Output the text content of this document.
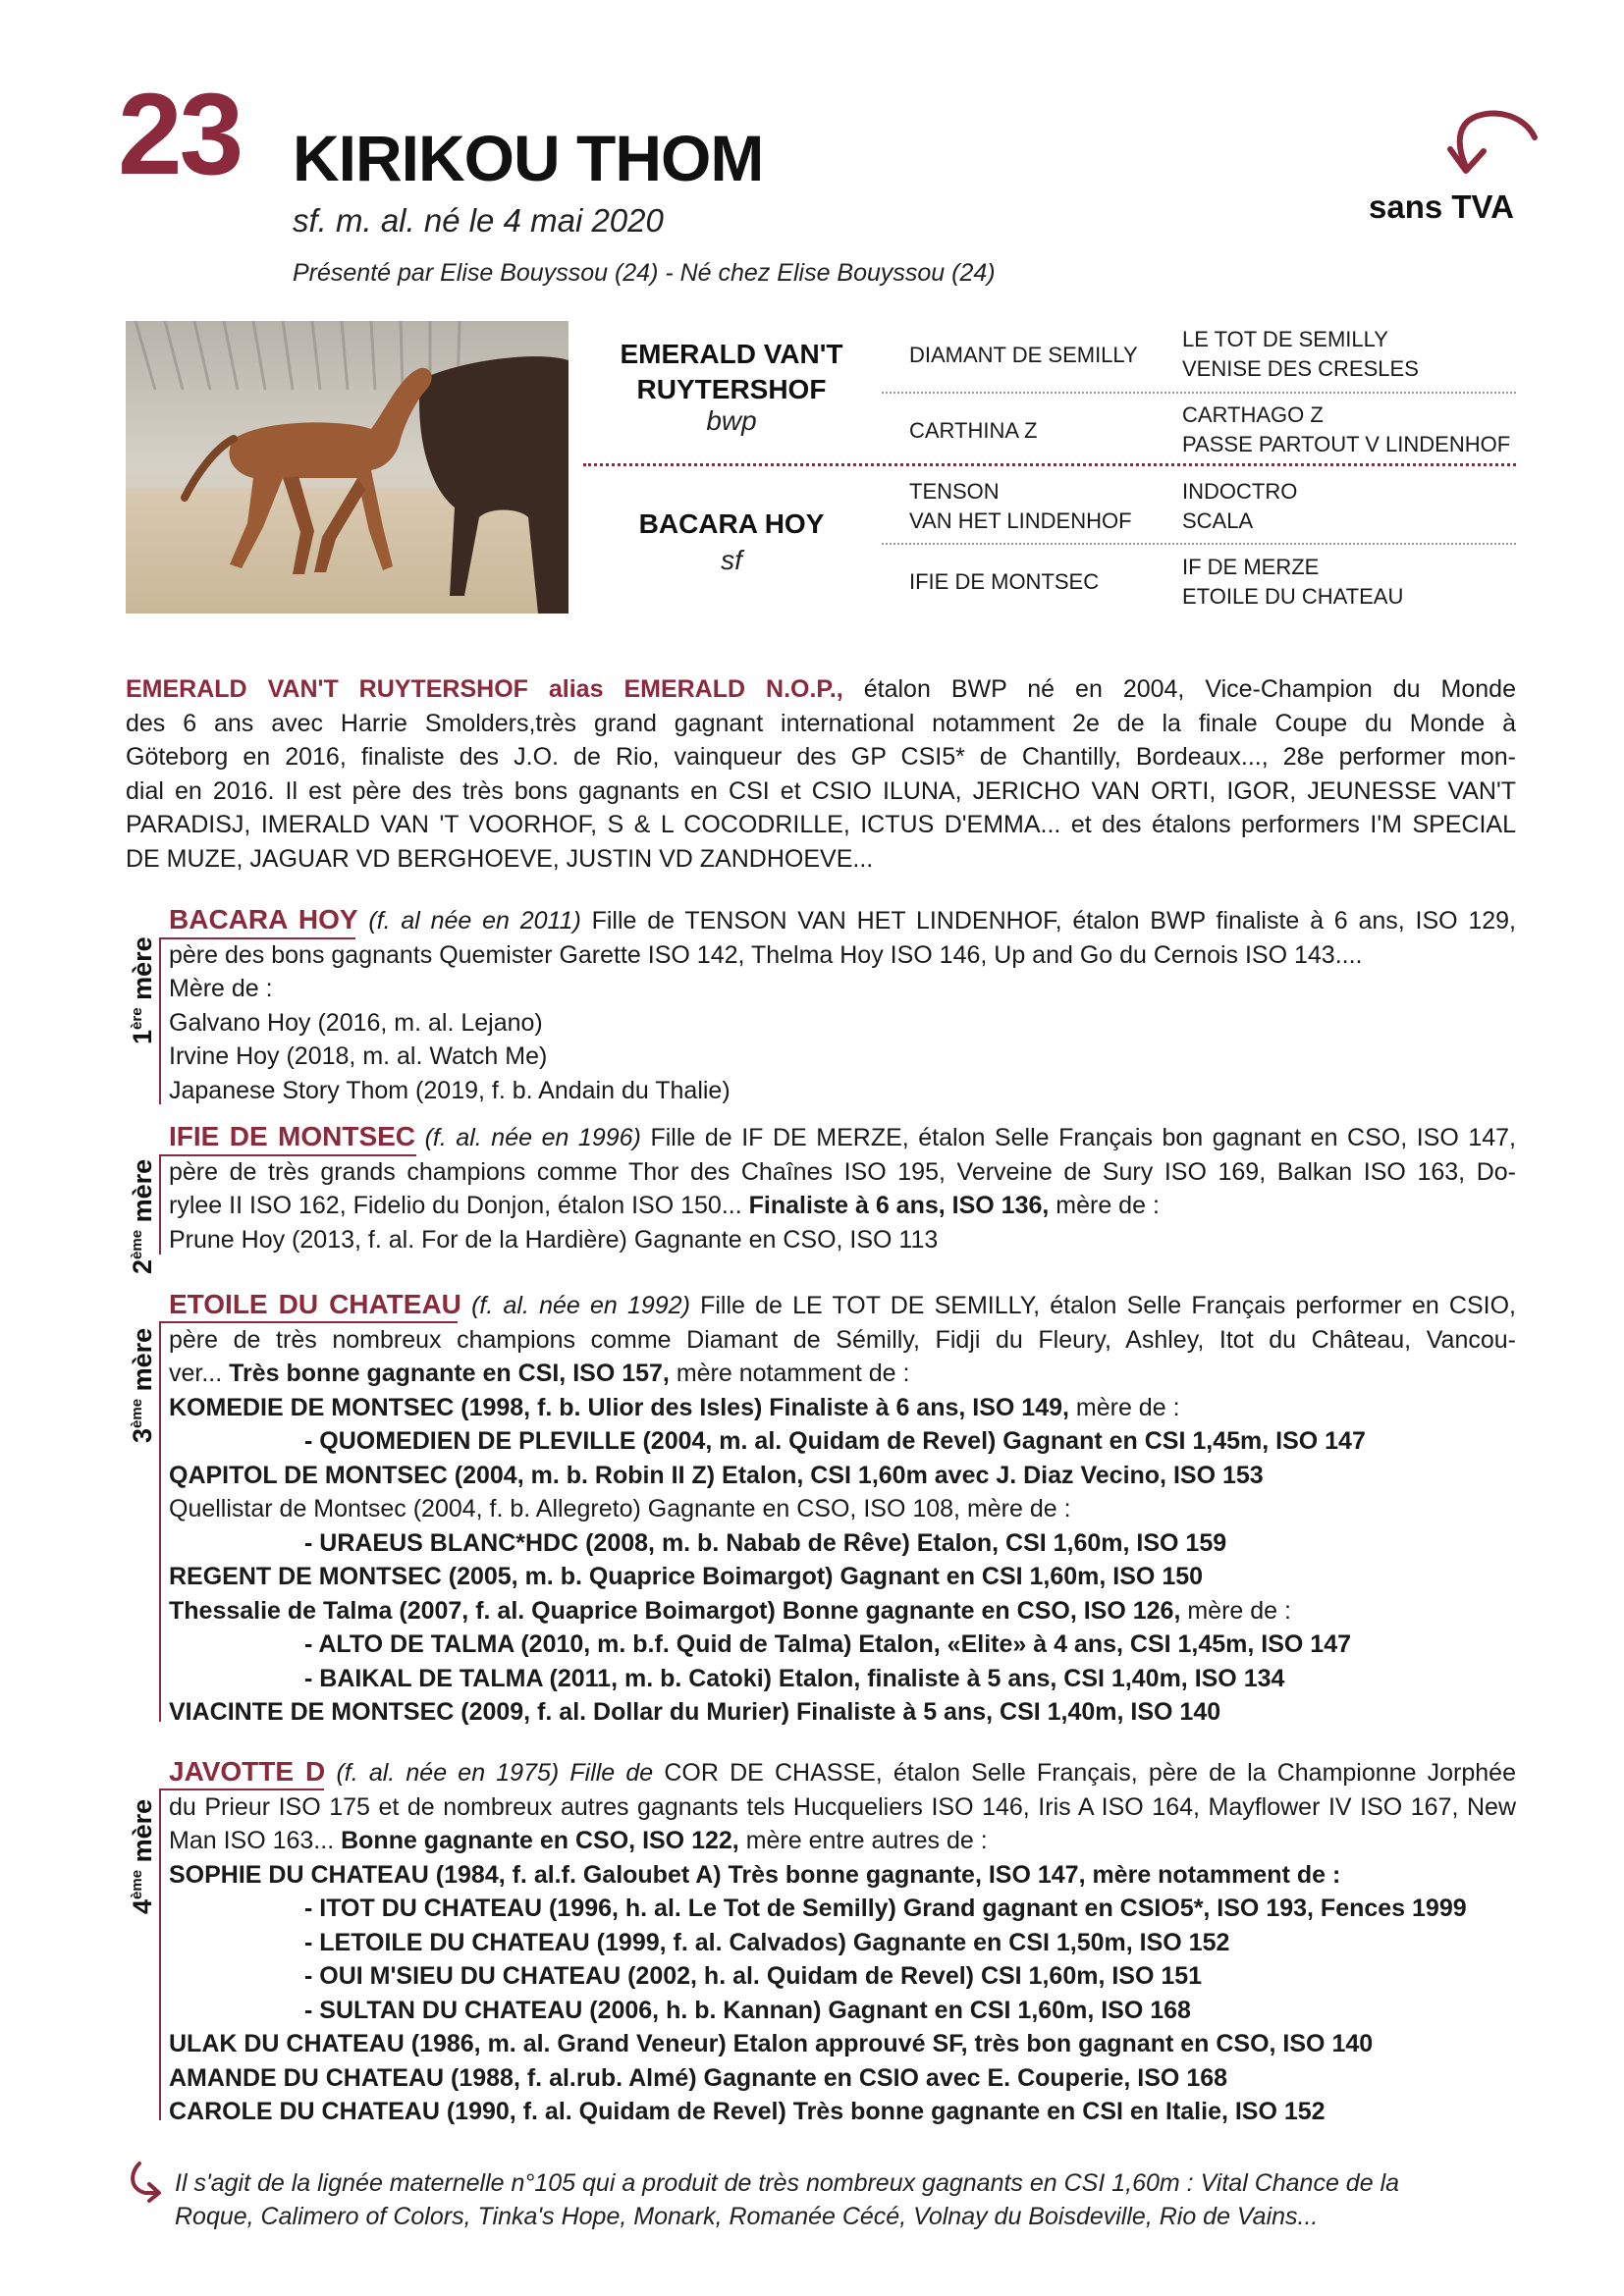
23 KIRIKOU THOM
sf. m. al. né le 4 mai 2020
Présenté par Elise Bouyssou (24) - Né chez Elise Bouyssou (24)
sans TVA
EMERALD VAN'T
RUYTERSHOF
bwp
BACARA HOY
sf
DIAMANT DE SEMILLY
CARTHINA Z
TENSON
VAN HET LINDENHOF
IFIE DE MONTSEC
LE TOT DE SEMILLY
VENISE DES CRESLES
CARTHAGO Z
PASSE PARTOUT V LINDENHOF
INDOCTRO
SCALA
IF DE MERZE
ETOILE DU CHATEAU
EMERALD VAN'T RUYTERSHOF alias EMERALD N.O.P., étalon BWP né en 2004, Vice-Champion du Monde
des 6 ans avec Harrie Smolders,très grand gagnant international notamment 2e de la finale Coupe du Monde à
Göteborg en 2016, finaliste des J.O. de Rio, vainqueur des GP CSI5* de Chantilly, Bordeaux..., 28e performer mon-
dial en 2016. Il est père des très bons gagnants en CSI et CSIO ILUNA, JERICHO VAN ORTI, IGOR, JEUNESSE VAN'T
PARADISJ, IMERALD VAN 'T VOORHOF, S & L COCODRILLE, ICTUS D'EMMA... et des étalons performers I'M SPECIAL
DE MUZE, JAGUAR VD BERGHOEVE, JUSTIN VD ZANDHOEVE...
1ère mère
BACARA HOY (f. al née en 2011) Fille de TENSON VAN HET LINDENHOF, étalon BWP finaliste à 6 ans, ISO 129,
père des bons gagnants Quemister Garette ISO 142, Thelma Hoy ISO 146, Up and Go du Cernois ISO 143....
Mère de :
Galvano Hoy (2016, m. al. Lejano)
Irvine Hoy (2018, m. al. Watch Me)
Japanese Story Thom (2019, f. b. Andain du Thalie)
2ème mère
IFIE DE MONTSEC (f. al. née en 1996) Fille de IF DE MERZE, étalon Selle Français bon gagnant en CSO, ISO 147,
père de très grands champions comme Thor des Chaînes ISO 195, Verveine de Sury ISO 169, Balkan ISO 163, Do-
rylee II ISO 162, Fidelio du Donjon, étalon ISO 150... Finaliste à 6 ans, ISO 136, mère de :
Prune Hoy (2013, f. al. For de la Hardière) Gagnante en CSO, ISO 113
3ème mère
ETOILE DU CHATEAU (f. al. née en 1992) Fille de LE TOT DE SEMILLY, étalon Selle Français performer en CSIO,
père de très nombreux champions comme Diamant de Sémilly, Fidji du Fleury, Ashley, Itot du Château, Vancou-
ver... Très bonne gagnante en CSI, ISO 157, mère notamment de :
KOMEDIE DE MONTSEC (1998, f. b. Ulior des Isles) Finaliste à 6 ans, ISO 149, mère de :
- QUOMEDIEN DE PLEVILLE (2004, m. al. Quidam de Revel) Gagnant en CSI 1,45m, ISO 147
QAPITOL DE MONTSEC (2004, m. b. Robin II Z) Etalon, CSI 1,60m avec J. Diaz Vecino, ISO 153
Quellistar de Montsec (2004, f. b. Allegreto) Gagnante en CSO, ISO 108, mère de :
- URAEUS BLANC*HDC (2008, m. b. Nabab de Rêve) Etalon, CSI 1,60m, ISO 159
REGENT DE MONTSEC (2005, m. b. Quaprice Boimargot) Gagnant en CSI 1,60m, ISO 150
Thessalie de Talma (2007, f. al. Quaprice Boimargot) Bonne gagnante en CSO, ISO 126, mère de :
- ALTO DE TALMA (2010, m. b.f. Quid de Talma) Etalon, «Elite» à 4 ans, CSI 1,45m, ISO 147
- BAIKAL DE TALMA (2011, m. b. Catoki) Etalon, finaliste à 5 ans, CSI 1,40m, ISO 134
VIACINTE DE MONTSEC (2009, f. al. Dollar du Murier) Finaliste à 5 ans, CSI 1,40m, ISO 140
4ème mère
JAVOTTE D (f. al. née en 1975) Fille de COR DE CHASSE, étalon Selle Français, père de la Championne Jorphée
du Prieur ISO 175 et de nombreux autres gagnants tels Hucqueliers ISO 146, Iris A ISO 164, Mayflower IV ISO 167, New
Man ISO 163... Bonne gagnante en CSO, ISO 122, mère entre autres de :
SOPHIE DU CHATEAU (1984, f. al.f. Galoubet A) Très bonne gagnante, ISO 147, mère notamment de :
- ITOT DU CHATEAU (1996, h. al. Le Tot de Semilly) Grand gagnant en CSIO5*, ISO 193, Fences 1999
- LETOILE DU CHATEAU (1999, f. al. Calvados) Gagnante en CSI 1,50m, ISO 152
- OUI M'SIEU DU CHATEAU (2002, h. al. Quidam de Revel) CSI 1,60m, ISO 151
- SULTAN DU CHATEAU (2006, h. b. Kannan) Gagnant en CSI 1,60m, ISO 168
ULAK DU CHATEAU (1986, m. al. Grand Veneur) Etalon approuvé SF, très bon gagnant en CSO, ISO 140
AMANDE DU CHATEAU (1988, f. al.rub. Almé) Gagnante en CSIO avec E. Couperie, ISO 168
CAROLE DU CHATEAU (1990, f. al. Quidam de Revel) Très bonne gagnante en CSI en Italie, ISO 152
Il s'agit de la lignée maternelle n°105 qui a produit de très nombreux gagnants en CSI 1,60m : Vital Chance de la
Roque, Calimero of Colors, Tinka's Hope, Monark, Romanée Cécé, Volnay du Boisdeville, Rio de Vains...
